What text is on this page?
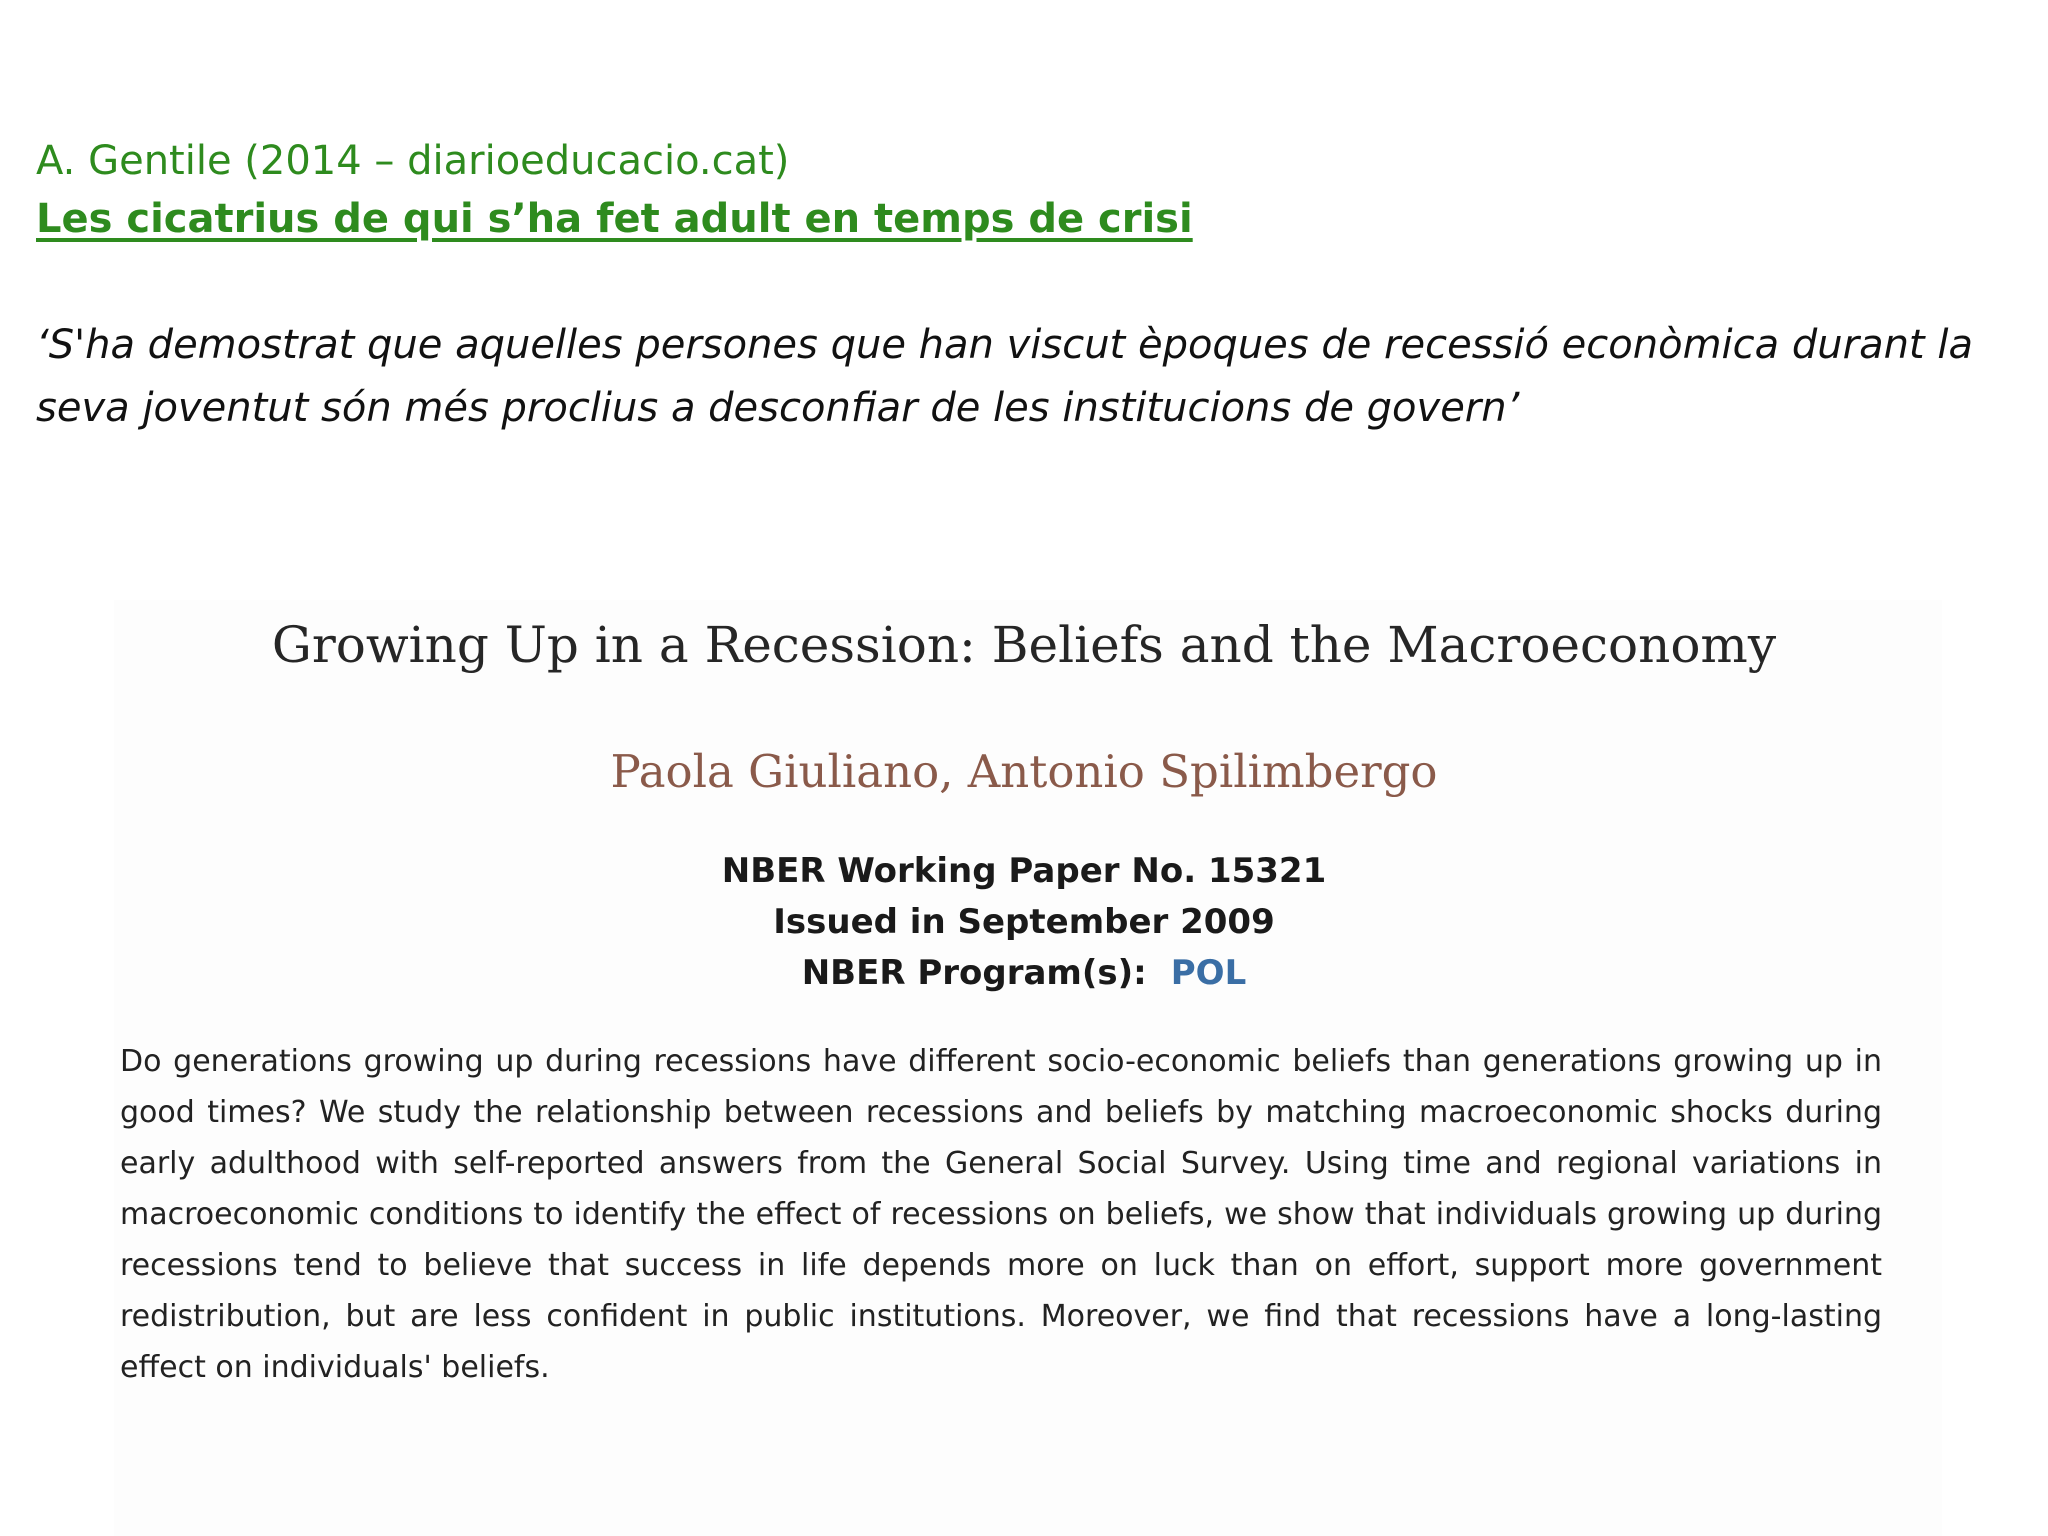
A. Gentile (2014 – diarioeducacio.cat)

Les cicatrius de qui s’ha fet adult en temps de crisi

‘S'ha demostrat que aquelles persones que han viscut èpoques de recessió econòmica durant la seva joventut són més proclius a desconfiar de les institucions de govern’

Growing Up in a Recession: Beliefs and the Macroeconomy
Paola Giuliano, Antonio Spilimbergo
NBER Working Paper No. 15321
Issued in September 2009
NBER Program(s): POL

Do generations growing up during recessions have different socio-economic beliefs than generations growing up in good times? We study the relationship between recessions and beliefs by matching macroeconomic shocks during early adulthood with self-reported answers from the General Social Survey. Using time and regional variations in macroeconomic conditions to identify the effect of recessions on beliefs, we show that individuals growing up during recessions tend to believe that success in life depends more on luck than on effort, support more government redistribution, but are less confident in public institutions. Moreover, we find that recessions have a long-lasting effect on individuals' beliefs.
